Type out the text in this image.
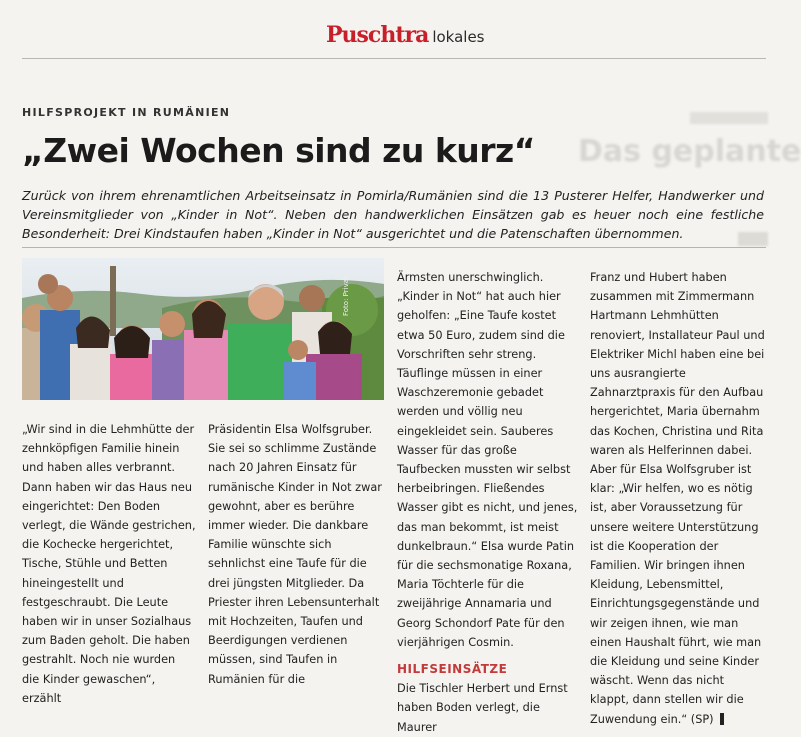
Puschtra lokales
Das geplante
HILFSPROJEKT IN RUMÄNIEN
„Zwei Wochen sind zu kurz“

Zurück von ihrem ehrenamtlichen Arbeitseinsatz in Pomirla/Rumänien sind die 13 Pusterer Helfer, Handwerker und Vereinsmitglieder von „Kinder in Not“. Neben den handwerklichen Einsätzen gab es heuer noch eine festliche Besonderheit: Drei Kindstaufen haben „Kinder in Not“ ausgerichtet und die Patenschaften übernommen.

Foto: Privat

„Wir sind in die Lehmhütte der zehnköpfigen Familie hinein und haben alles verbrannt. Dann haben wir das Haus neu eingerichtet: Den Boden verlegt, die Wände gestrichen, die Kochecke hergerichtet, Tische, Stühle und Betten hineingestellt und festgeschraubt. Die Leute haben wir in unser Sozialhaus zum Baden geholt. Die haben gestrahlt. Noch nie wurden die Kinder gewaschen“, erzählt

Präsidentin Elsa Wolfsgruber. Sie sei so schlimme Zustände nach 20 Jahren Einsatz für rumänische Kinder in Not zwar gewohnt, aber es berühre immer wieder. Die dankbare Familie wünschte sich sehnlichst eine Taufe für die drei jüngsten Mitglieder. Da Priester ihren Lebensunterhalt mit Hochzeiten, Taufen und Beerdigungen verdienen müssen, sind Taufen in Rumänien für die

Ärmsten unerschwinglich. „Kinder in Not“ hat auch hier geholfen: „Eine Taufe kostet etwa 50 Euro, zudem sind die Vorschriften sehr streng. Täuflinge müssen in einer Waschzeremonie gebadet werden und völlig neu eingekleidet sein. Sauberes Wasser für das große Taufbecken mussten wir selbst herbeibringen. Fließendes Wasser gibt es nicht, und jenes, das man bekommt, ist meist dunkelbraun.“ Elsa wurde Patin für die sechsmonatige Roxana, Maria Töchterle für die zweijährige Annamaria und Georg Schondorf Pate für den vierjährigen Cosmin.

HILFSEINSÄTZE

Die Tischler Herbert und Ernst haben Boden verlegt, die Maurer

Franz und Hubert haben zusammen mit Zimmermann Hartmann Lehmhütten renoviert, Installateur Paul und Elektriker Michl haben eine bei uns ausrangierte Zahnarztpraxis für den Aufbau hergerichtet, Maria übernahm das Kochen, Christina und Rita waren als Helferinnen dabei. Aber für Elsa Wolfsgruber ist klar: „Wir helfen, wo es nötig ist, aber Voraussetzung für unsere weitere Unterstützung ist die Kooperation der Familien. Wir bringen ihnen Kleidung, Lebensmittel, Einrichtungsgegenstände und wir zeigen ihnen, wie man einen Haushalt führt, wie man die Kleidung und seine Kinder wäscht. Wenn das nicht klappt, dann stellen wir die Zuwendung ein.“ (SP)
